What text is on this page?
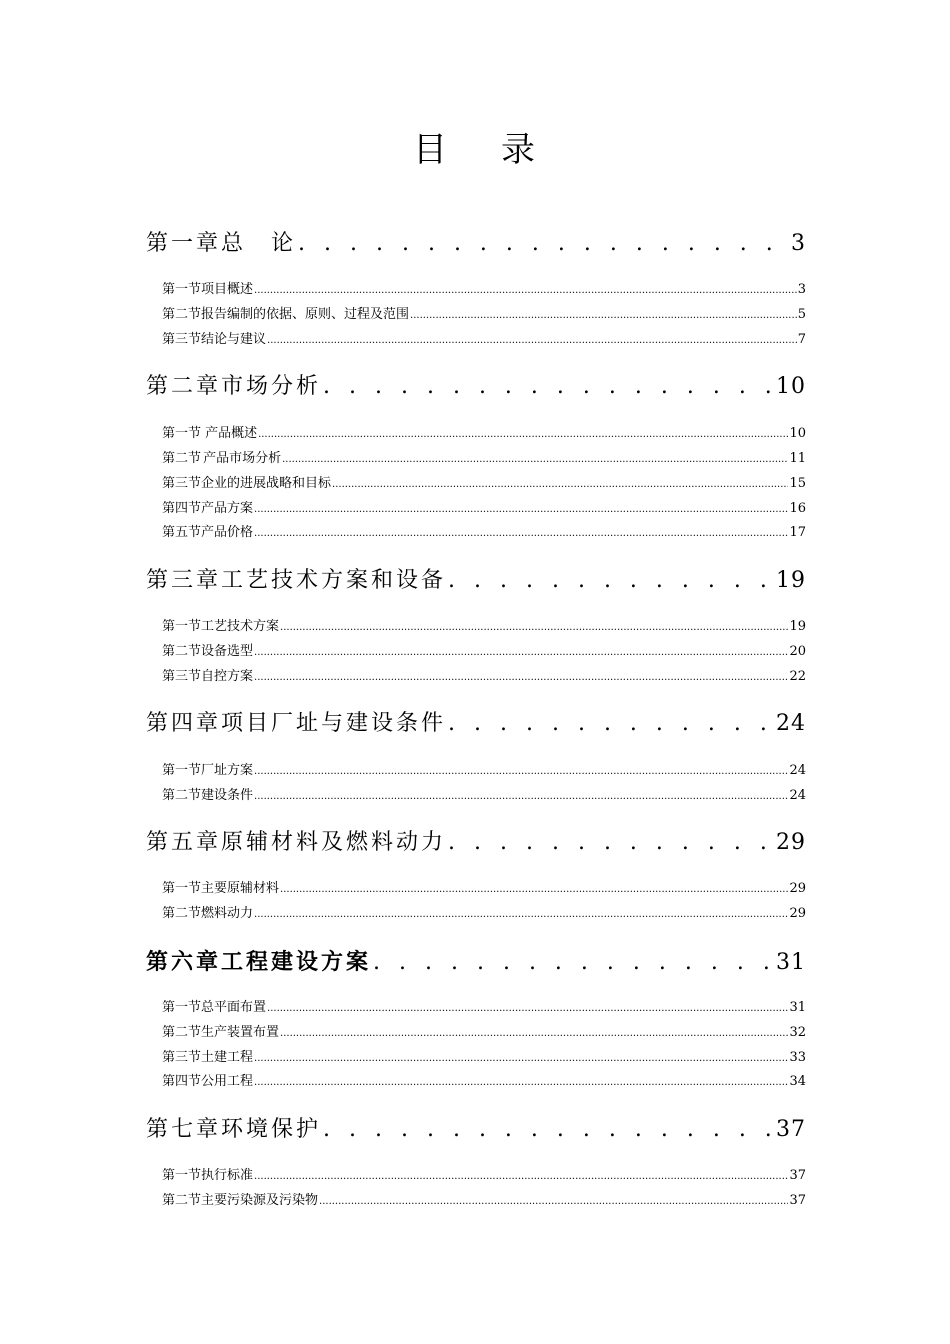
目 录
第一章 总　论 . . .	3
第一节 项目概述 .....	3
第二节 报告编制的依据、原则、过程及范围 .....	5
第三节 结论与建议 .....	7
第二章 市场分析 . . .	10
第一节 产品概述 .....	10
第二节 产品市场分析 .....	11
第三节 企业的进展战略和目标 .....	15
第四节 产品方案 .....	16
第五节 产品价格 .....	17
第三章 工艺技术方案和设备 . . .	19
第一节 工艺技术方案 .....	19
第二节 设备选型 .....	20
第三节 自控方案 .....	22
第四章 项目厂址与建设条件 . . .	24
第一节 厂址方案 .....	24
第二节 建设条件 .....	24
第五章 原辅材料及燃料动力 . . .	29
第一节 主要原辅材料 .....	29
第二节 燃料动力 .....	29
第六章 工程建设方案 . . .	31
第一节 总平面布置 .....	31
第二节 生产装置布置 .....	32
第三节 土建工程 .....	33
第四节 公用工程 .....	34
第七章 环境保护 . . .	37
第一节 执行标准 .....	37
第二节 主要污染源及污染物 .....	37
